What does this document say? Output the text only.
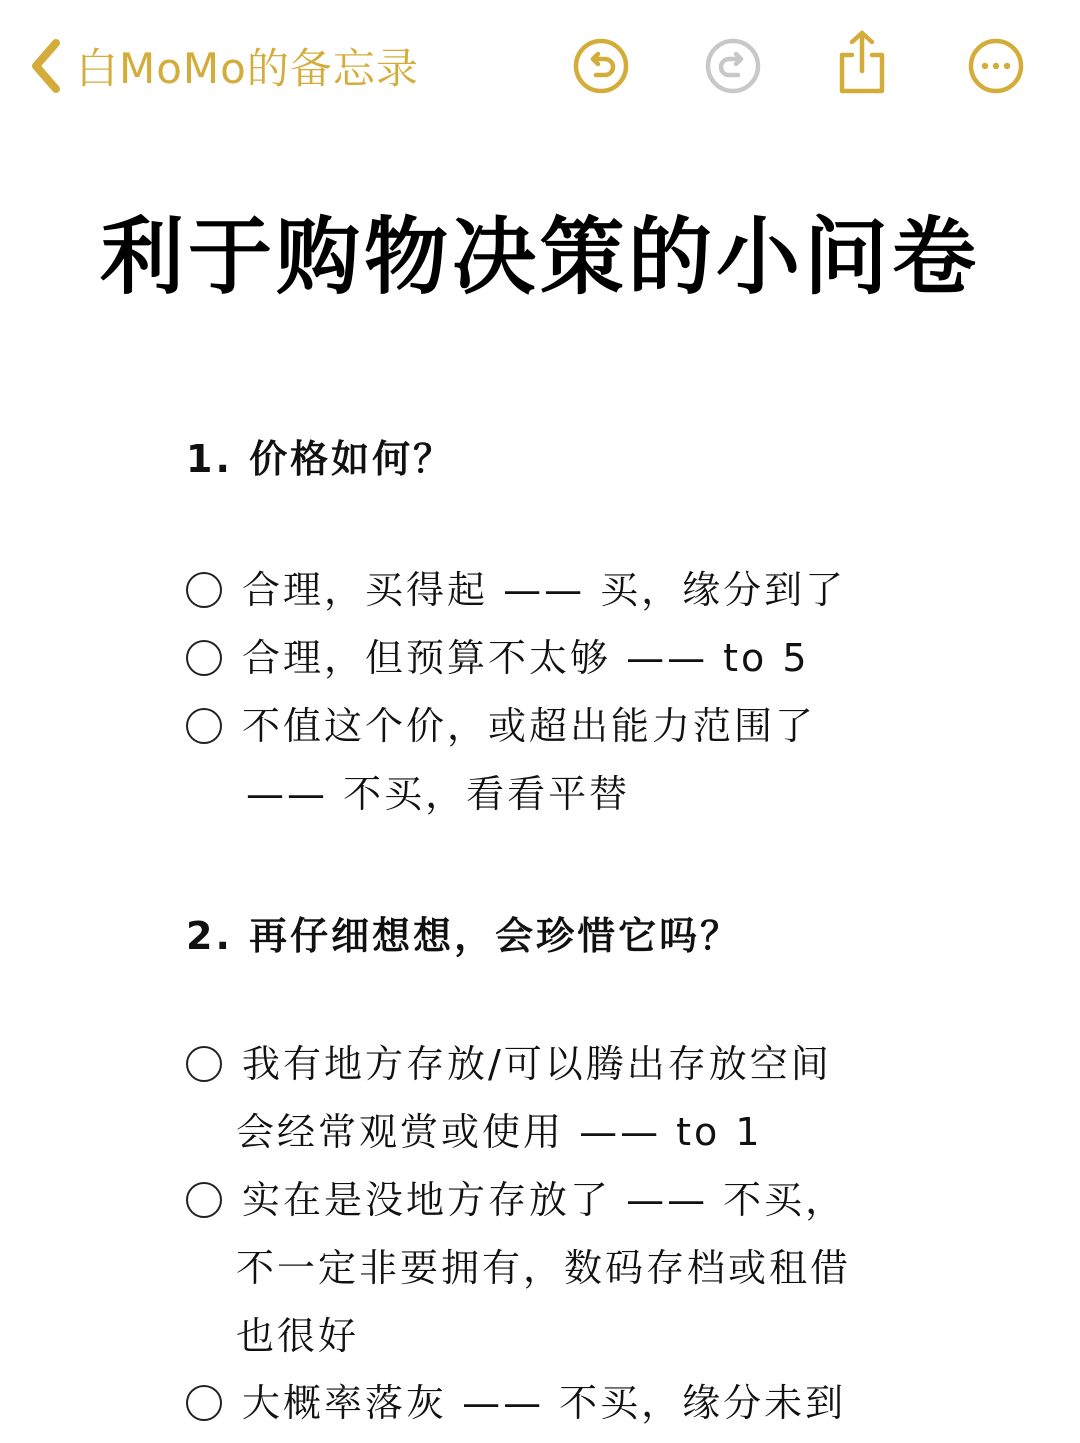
白MoMo的备忘录
利于购物决策的小问卷
1. 价格如何？
合理，买得起 —— 买，缘分到了
合理，但预算不太够 —— to 5
不值这个价，或超出能力范围了
—— 不买，看看平替
2. 再仔细想想，会珍惜它吗？
我有地方存放/可以腾出存放空间
会经常观赏或使用 —— to 1
实在是没地方存放了 —— 不买，
不一定非要拥有，数码存档或租借
也很好
大概率落灰 —— 不买，缘分未到
